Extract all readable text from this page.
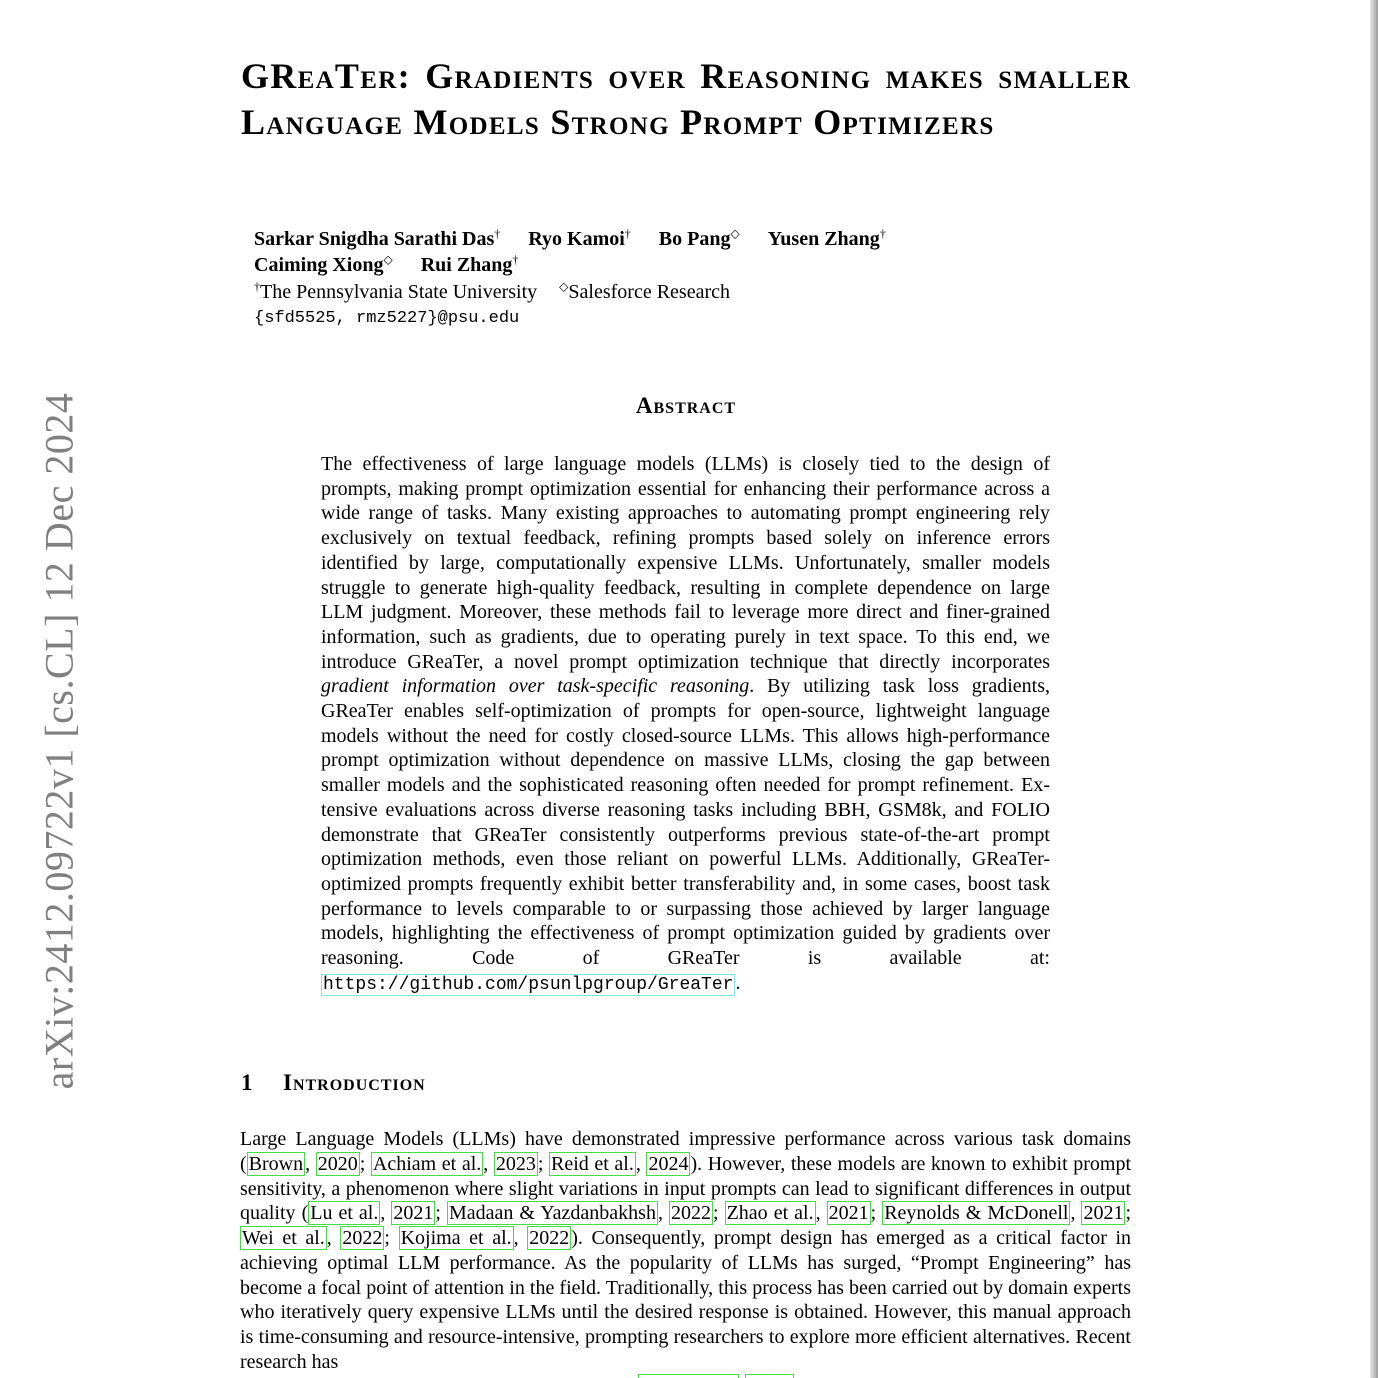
arXiv:2412.09722v1 [cs.CL] 12 Dec 2024
GReaTer: Gradients over Reasoning makes smaller Language Models Strong Prompt Optimizers
Sarkar Snigdha Sarathi Das† Ryo Kamoi† Bo Pang◇ Yusen Zhang†
Caiming Xiong◇ Rui Zhang†
†The Pennsylvania State University ◇Salesforce Research
{sfd5525, rmz5227}@psu.edu
Abstract

The effectiveness of large language models (LLMs) is closely tied to the design of prompts, making prompt optimization essential for enhancing their performance across a wide range of tasks. Many existing approaches to automating prompt engineering rely exclusively on textual feedback, refining prompts based solely on inference errors identified by large, computationally expensive LLMs. Unfortunately, smaller models struggle to generate high-quality feedback, resulting in complete dependence on large LLM judgment. Moreover, these methods fail to leverage more direct and finer-grained information, such as gradients, due to operating purely in text space. To this end, we introduce GReaTer, a novel prompt optimization technique that directly incorporates gradient information over task-specific reasoning. By utilizing task loss gradients, GReaTer enables self-optimization of prompts for open-source, lightweight language models without the need for costly closed-source LLMs. This allows high-performance prompt optimization without dependence on massive LLMs, closing the gap between smaller models and the sophisticated reasoning often needed for prompt refinement. Extensive evaluations across diverse reasoning tasks including BBH, GSM8k, and FOLIO demonstrate that GReaTer consistently outperforms previous state-of-the-art prompt optimization methods, even those reliant on powerful LLMs. Additionally, GReaTer-optimized prompts frequently exhibit better transferability and, in some cases, boost task performance to levels comparable to or surpassing those achieved by larger language models, highlighting the effectiveness of prompt optimization guided by gradients over reasoning. Code of GReaTer is available at: https://github.com/psunlpgroup/GreaTer .

1 Introduction

Large Language Models (LLMs) have demonstrated impressive performance across various task domains ( Brown , 2020 ; Achiam et al. , 2023 ; Reid et al. , 2024 ). However, these models are known to exhibit prompt sensitivity, a phenomenon where slight variations in input prompts can lead to significant differences in output quality ( Lu et al. , 2021 ; Madaan & Yazdanbakhsh , 2022 ; Zhao et al. , 2021 ; Reynolds & McDonell , 2021 ; Wei et al. , 2022 ; Kojima et al. , 2022 ). Consequently, prompt design has emerged as a critical factor in achieving optimal LLM performance. As the popularity of LLMs has surged, “Prompt Engineering” has become a focal point of attention in the field. Traditionally, this process has been carried out by domain experts who iteratively query expensive LLMs until the desired response is obtained. However, this manual approach is time-consuming and resource-intensive, prompting researchers to explore more efficient alternatives. Recent research has
